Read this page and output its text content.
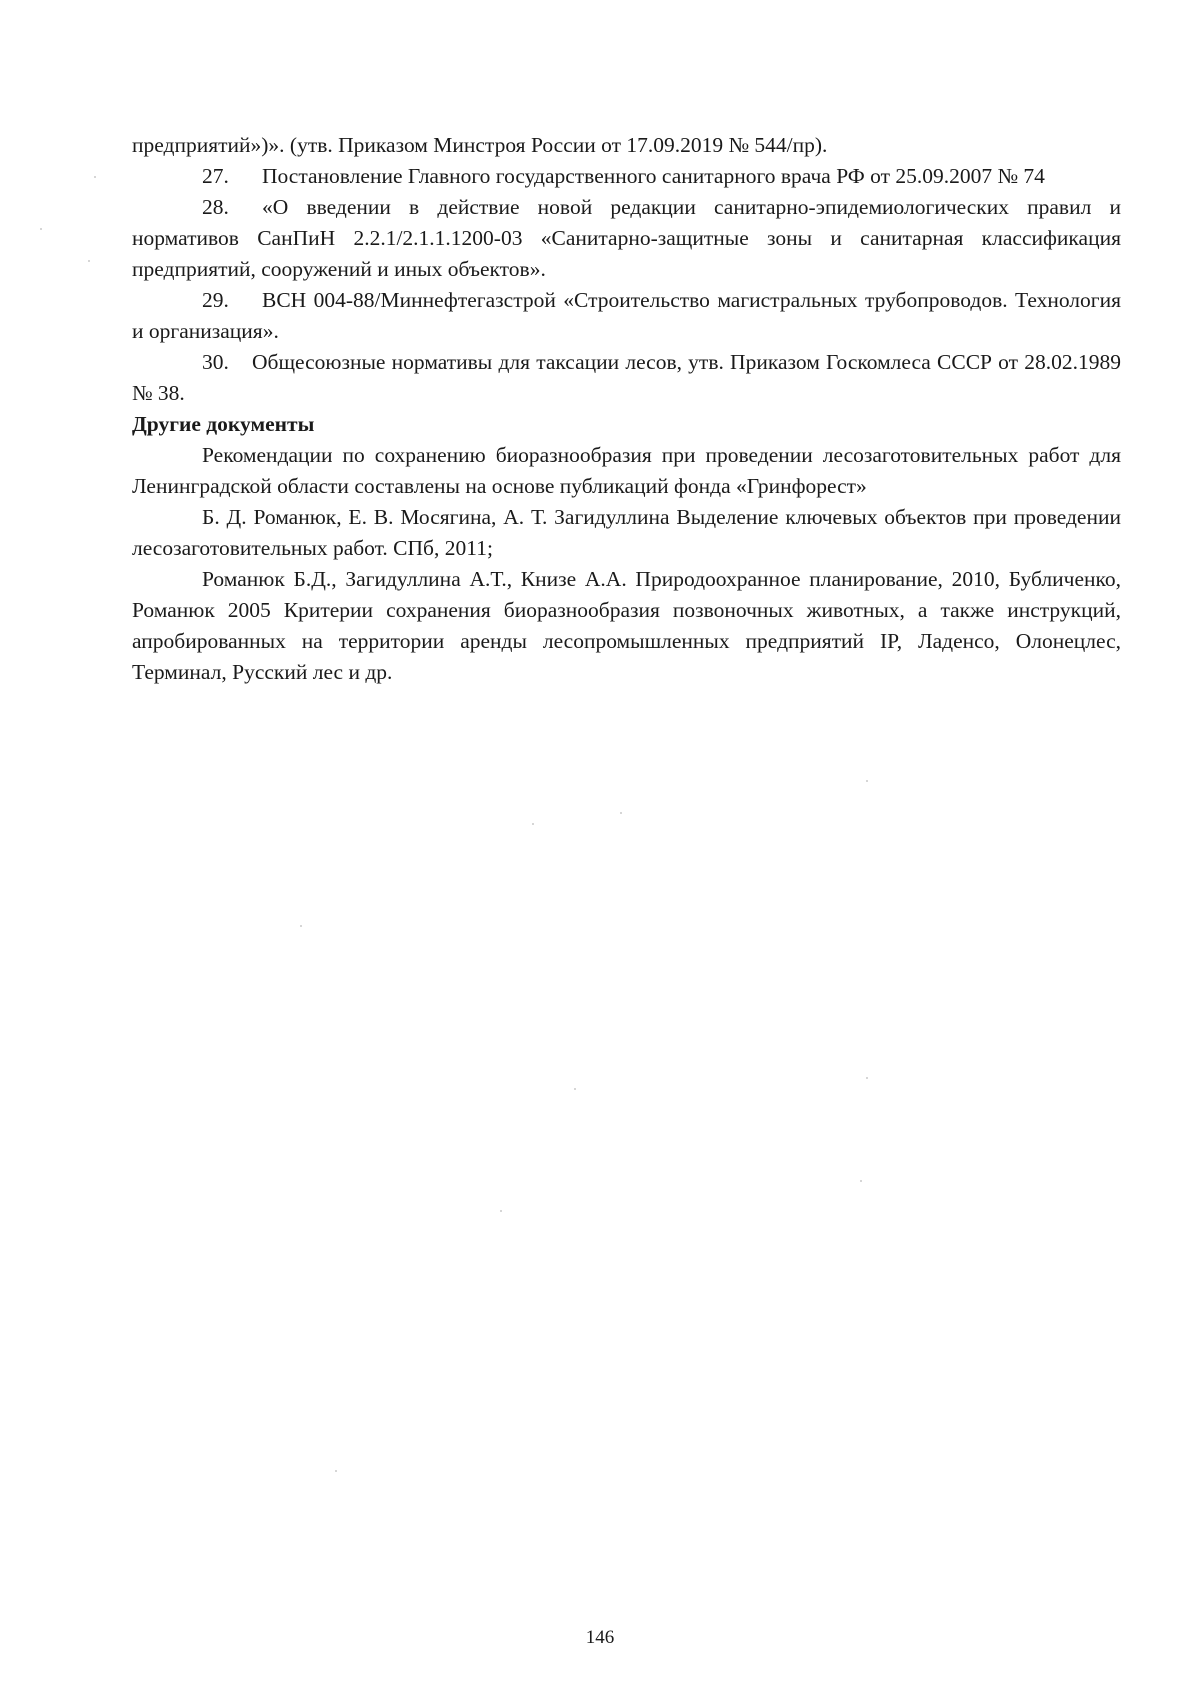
предприятий»)». (утв. Приказом Минстроя России от 17.09.2019 № 544/пр).

27. Постановление Главного государственного санитарного врача РФ от 25.09.2007 № 74

28. «О введении в действие новой редакции санитарно-эпидемиологических правил и нормативов СанПиН 2.2.1/2.1.1.1200-03 «Санитарно-защитные зоны и санитарная классификация предприятий, сооружений и иных объектов».

29. ВСН 004-88/Миннефтегазстрой «Строительство магистральных трубопроводов. Технология и организация».

30. Общесоюзные нормативы для таксации лесов, утв. Приказом Госкомлеса СССР от 28.02.1989 № 38.

Другие документы

Рекомендации по сохранению биоразнообразия при проведении лесозаготовительных работ для Ленинградской области составлены на основе публикаций фонда «Гринфорест»

Б. Д. Романюк, Е. В. Мосягина, А. Т. Загидуллина Выделение ключевых объектов при проведении лесозаготовительных работ. СПб, 2011;

Романюк Б.Д., Загидуллина А.Т., Книзе А.А. Природоохранное планирование, 2010, Бубличенко, Романюк 2005 Критерии сохранения биоразнообразия позвоночных животных, а также инструкций, апробированных на территории аренды лесопромышленных предприятий IP, Ладенсо, Олонецлес, Терминал, Русский лес и др.

146
